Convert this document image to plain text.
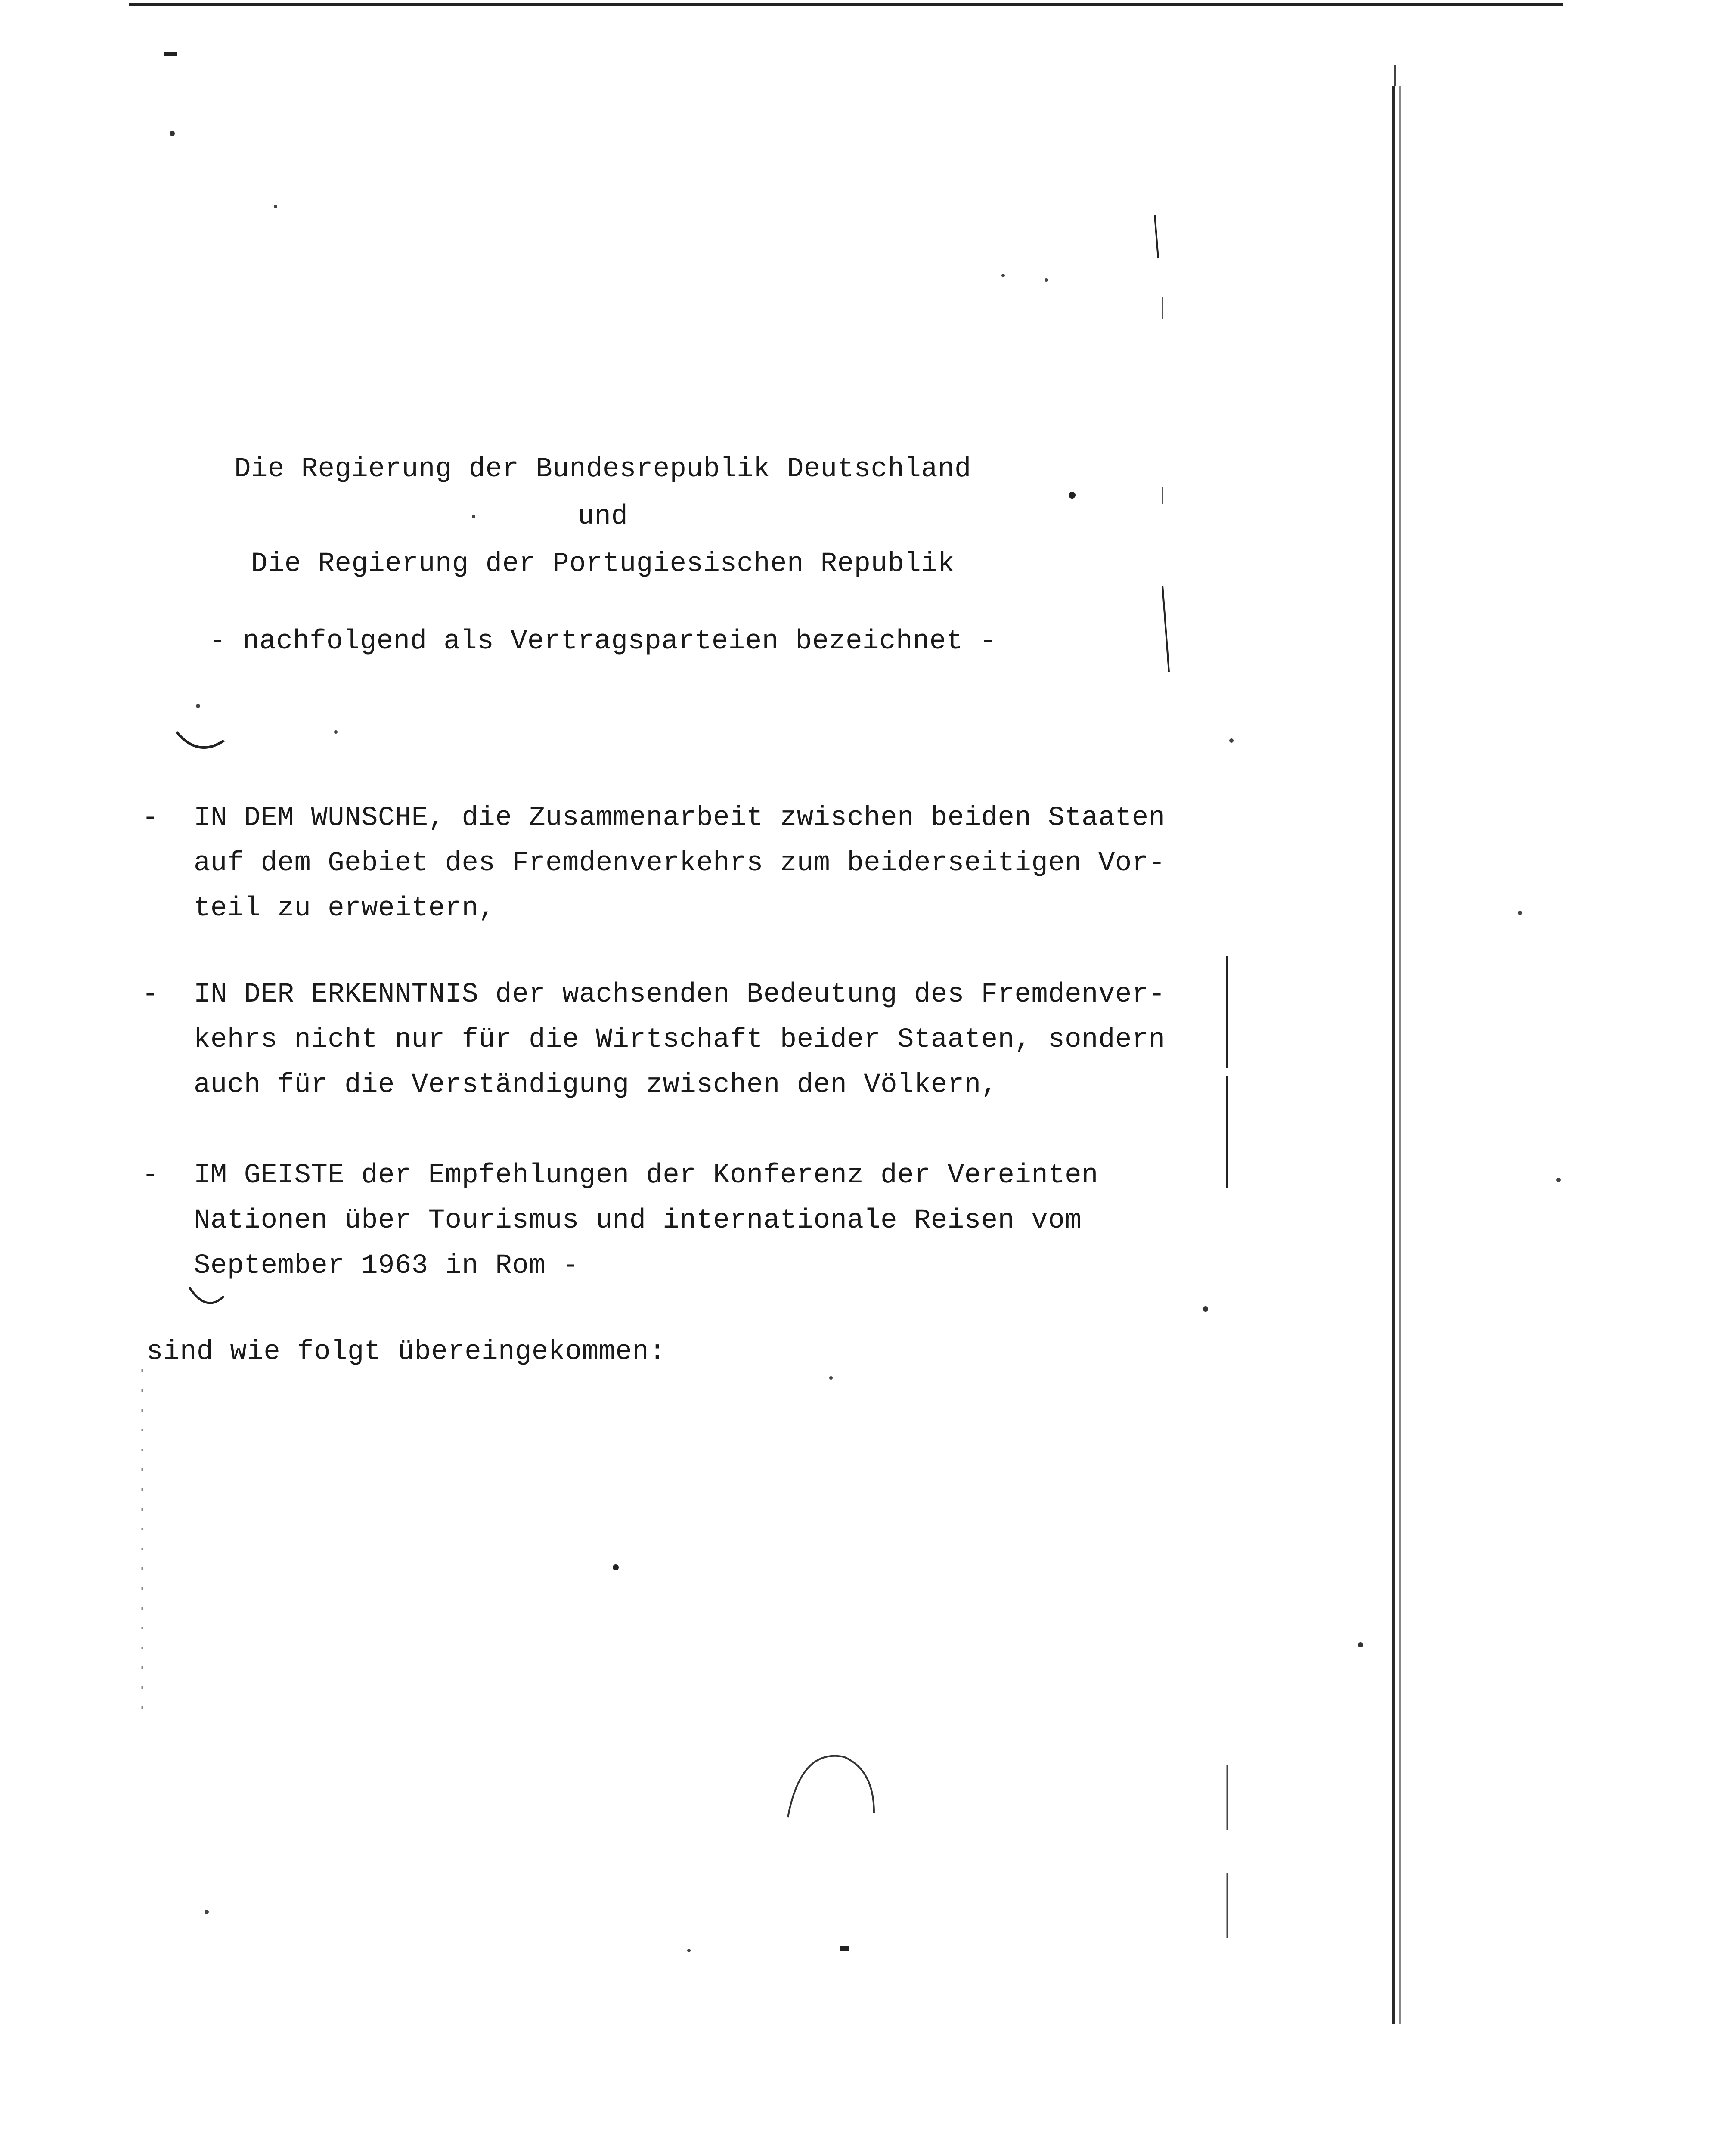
Die Regierung der Bundesrepublik Deutschland
und
Die Regierung der Portugiesischen Republik
- nachfolgend als Vertragsparteien bezeichnet -
- IN DEM WUNSCHE, die Zusammenarbeit zwischen beiden Staaten
auf dem Gebiet des Fremdenverkehrs zum beiderseitigen Vor-
teil zu erweitern,
- IN DER ERKENNTNIS der wachsenden Bedeutung des Fremdenver-
kehrs nicht nur für die Wirtschaft beider Staaten, sondern
auch für die Verständigung zwischen den Völkern,
- IM GEISTE der Empfehlungen der Konferenz der Vereinten
Nationen über Tourismus und internationale Reisen vom
September 1963 in Rom -
sind wie folgt übereingekommen:
